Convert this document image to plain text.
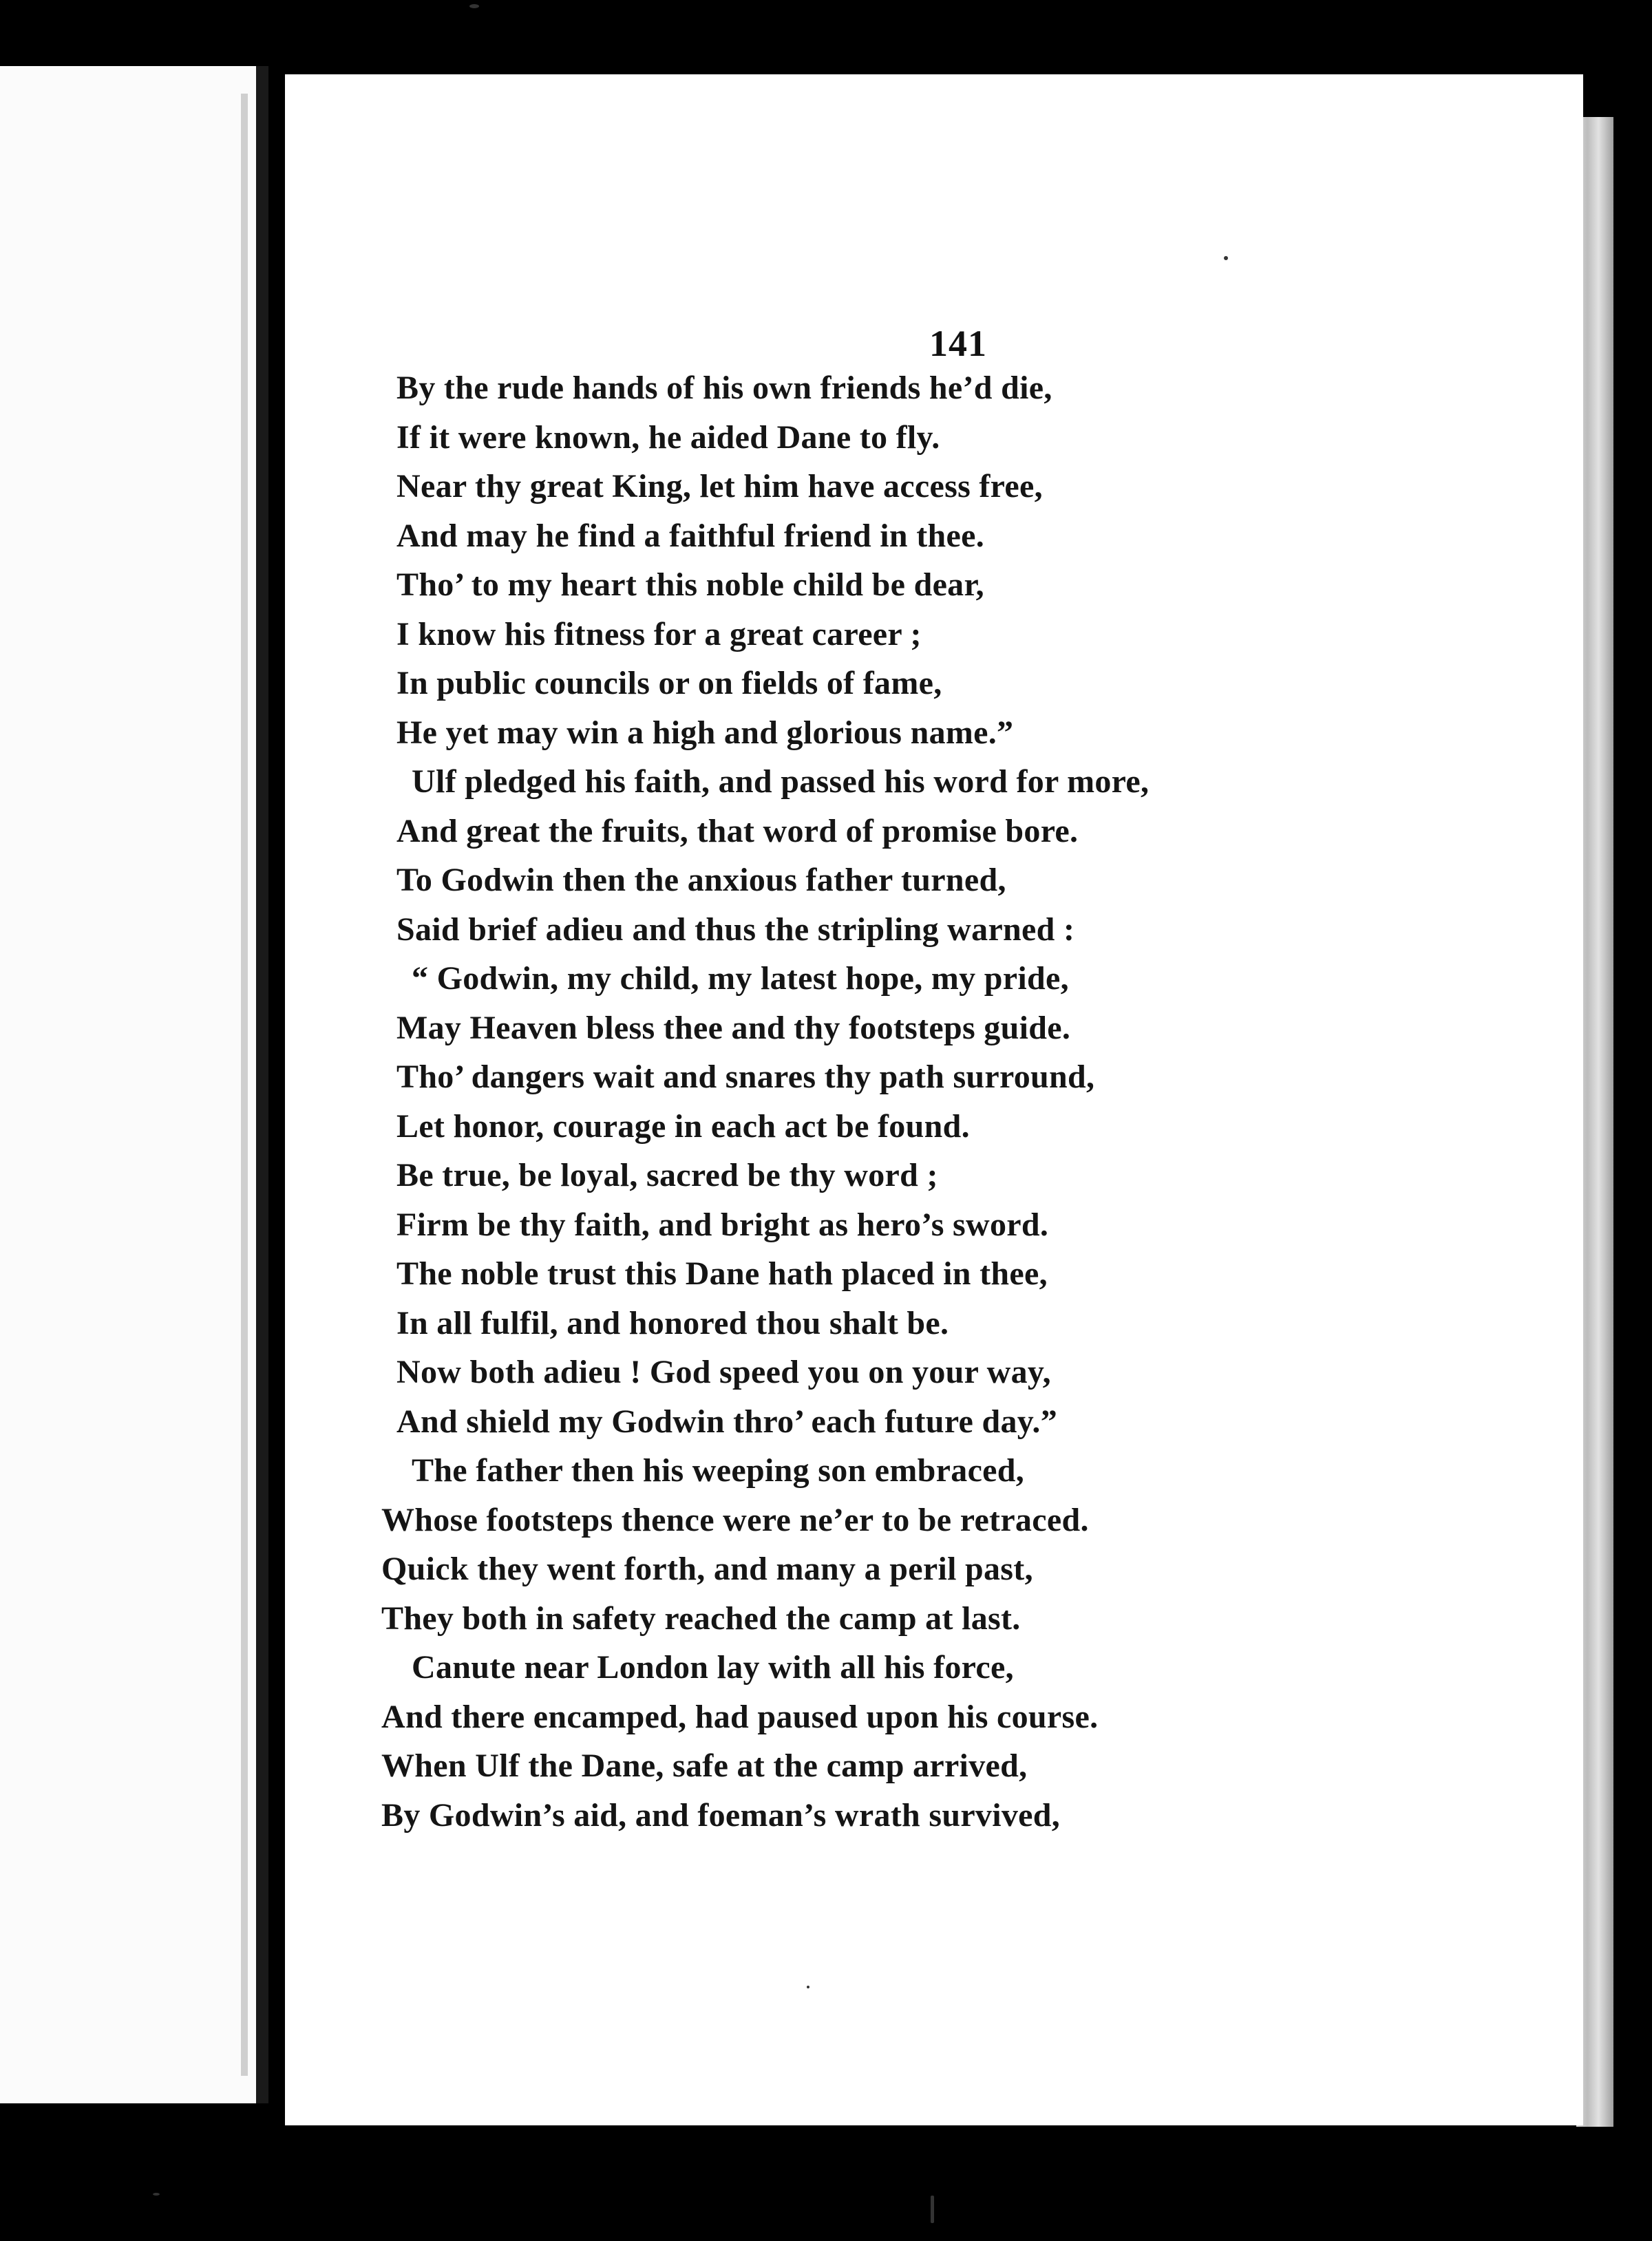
141
By the rude hands of his own friends he’d die,
If it were known, he aided Dane to fly.
Near thy great King, let him have access free,
And may he find a faithful friend in thee.
Tho’ to my heart this noble child be dear,
I know his fitness for a great career ;
In public councils or on fields of fame,
He yet may win a high and glorious name.”
Ulf pledged his faith, and passed his word for more,
And great the fruits, that word of promise bore.
To Godwin then the anxious father turned,
Said brief adieu and thus the stripling warned :
“ Godwin, my child, my latest hope, my pride,
May Heaven bless thee and thy footsteps guide.
Tho’ dangers wait and snares thy path surround,
Let honor, courage in each act be found.
Be true, be loyal, sacred be thy word ;
Firm be thy faith, and bright as hero’s sword.
The noble trust this Dane hath placed in thee,
In all fulfil, and honored thou shalt be.
Now both adieu ! God speed you on your way,
And shield my Godwin thro’ each future day.”
The father then his weeping son embraced,
Whose footsteps thence were ne’er to be retraced.
Quick they went forth, and many a peril past,
They both in safety reached the camp at last.
Canute near London lay with all his force,
And there encamped, had paused upon his course.
When Ulf the Dane, safe at the camp arrived,
By Godwin’s aid, and foeman’s wrath survived,
